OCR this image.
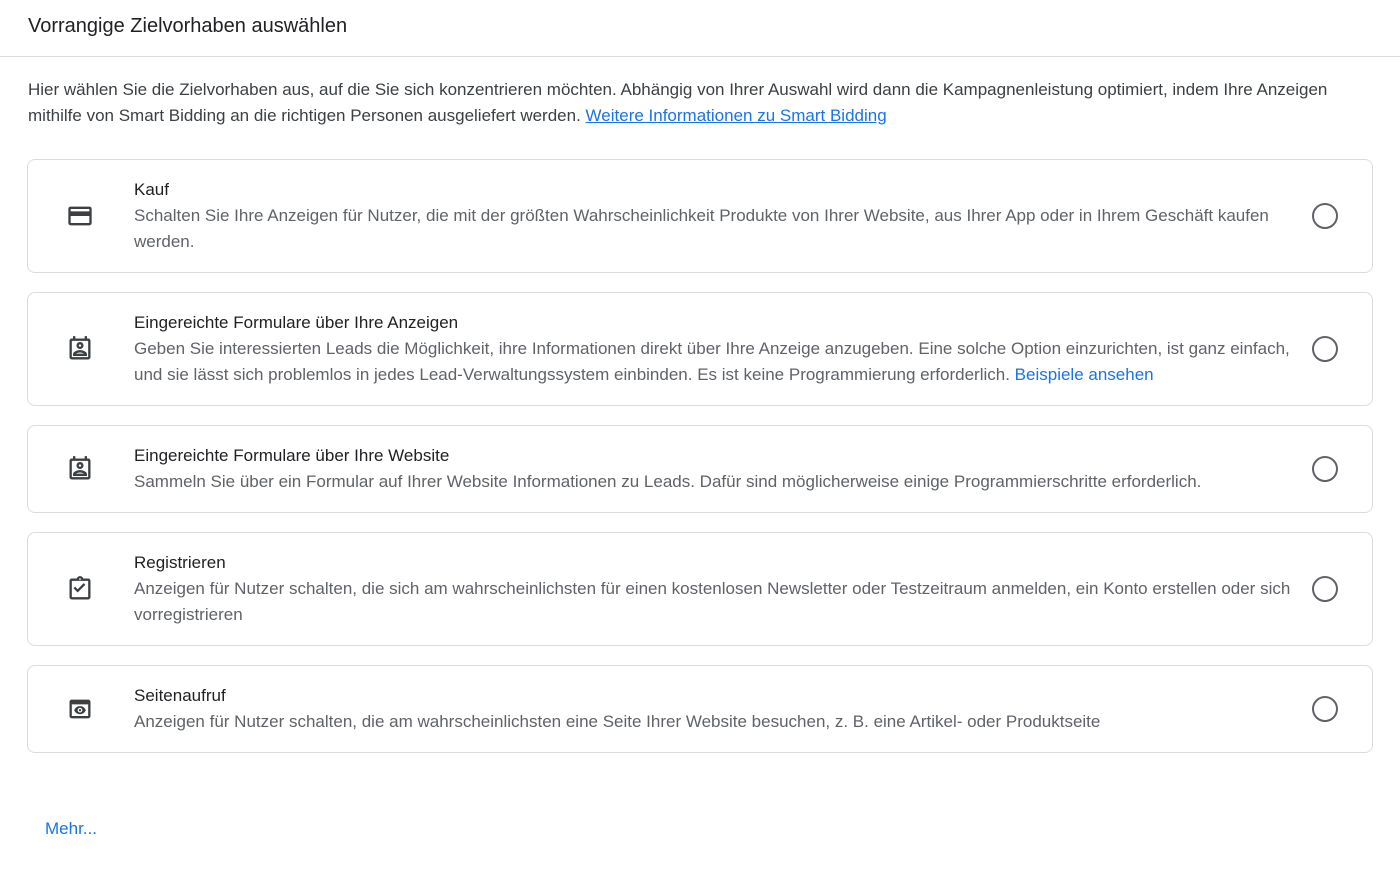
Vorrangige Zielvorhaben auswählen
Hier wählen Sie die Zielvorhaben aus, auf die Sie sich konzentrieren möchten. Abhängig von Ihrer Auswahl wird dann die Kampagnenleistung optimiert, indem Ihre Anzeigen mithilfe von Smart Bidding an die richtigen Personen ausgeliefert werden. Weitere Informationen zu Smart Bidding
Kauf
Schalten Sie Ihre Anzeigen für Nutzer, die mit der größten Wahrscheinlichkeit Produkte von Ihrer Website, aus Ihrer App oder in Ihrem Geschäft kaufen werden.
Eingereichte Formulare über Ihre Anzeigen
Geben Sie interessierten Leads die Möglichkeit, ihre Informationen direkt über Ihre Anzeige anzugeben. Eine solche Option einzurichten, ist ganz einfach, und sie lässt sich problemlos in jedes Lead-Verwaltungssystem einbinden. Es ist keine Programmierung erforderlich. Beispiele ansehen
Eingereichte Formulare über Ihre Website
Sammeln Sie über ein Formular auf Ihrer Website Informationen zu Leads. Dafür sind möglicherweise einige Programmierschritte erforderlich.
Registrieren
Anzeigen für Nutzer schalten, die sich am wahrscheinlichsten für einen kostenlosen Newsletter oder Testzeitraum anmelden, ein Konto erstellen oder sich vorregistrieren
Seitenaufruf
Anzeigen für Nutzer schalten, die am wahrscheinlichsten eine Seite Ihrer Website besuchen, z. B. eine Artikel- oder Produktseite
Mehr...
